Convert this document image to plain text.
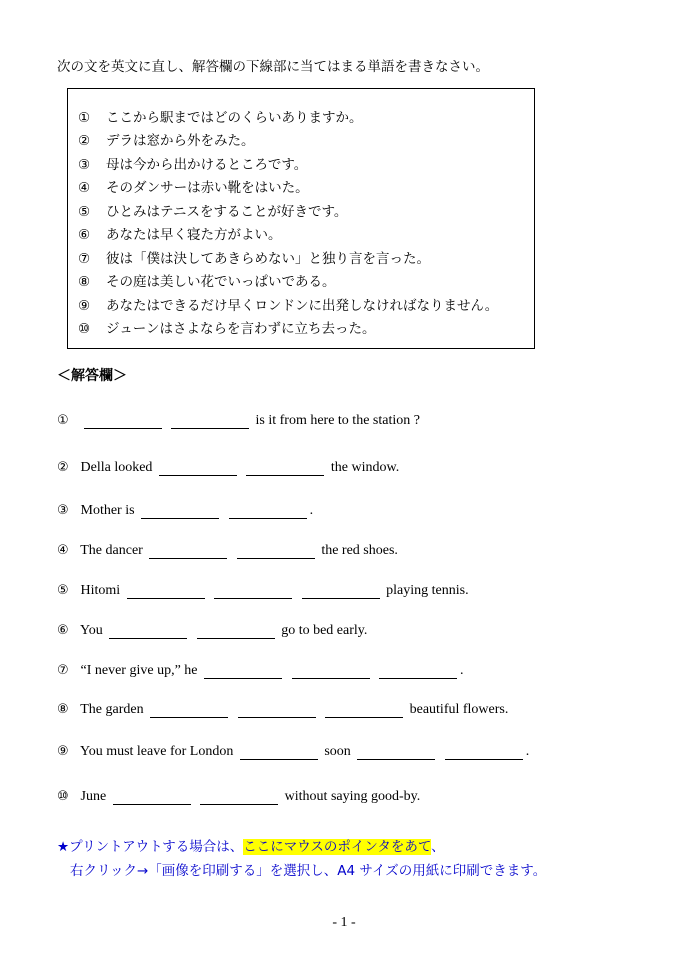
次の文を英文に直し、解答欄の下線部に当てはまる単語を書きなさい。
① ここから駅まではどのくらいありますか。
② デラは窓から外をみた。
③ 母は今から出かけるところです。
④ そのダンサーは赤い靴をはいた。
⑤ ひとみはテニスをすることが好きです。
⑥ あなたは早く寝た方がよい。
⑦ 彼は「僕は決してあきらめない」と独り言を言った。
⑧ その庭は美しい花でいっぱいである。
⑨ あなたはできるだけ早くロンドンに出発しなければなりません。
⑩ ジューンはさよならを言わずに立ち去った。
＜解答欄＞
①	is it from here to the station ?
② Della looked	the window.
③ Mother is	.
④ The dancer	the red shoes.
⑤ Hitomi	playing tennis.
⑥ You	go to bed early.
⑦ “I never give up,” he	.
⑧ The garden	beautiful flowers.
⑨ You must leave for London	soon	.
⑩ June	without saying good-by.
★プリントアウトする場合は、ここにマウスのポインタをあて、
右クリック→「画像を印刷する」を選択し、A4 サイズの用紙に印刷できます。
- 1 -
